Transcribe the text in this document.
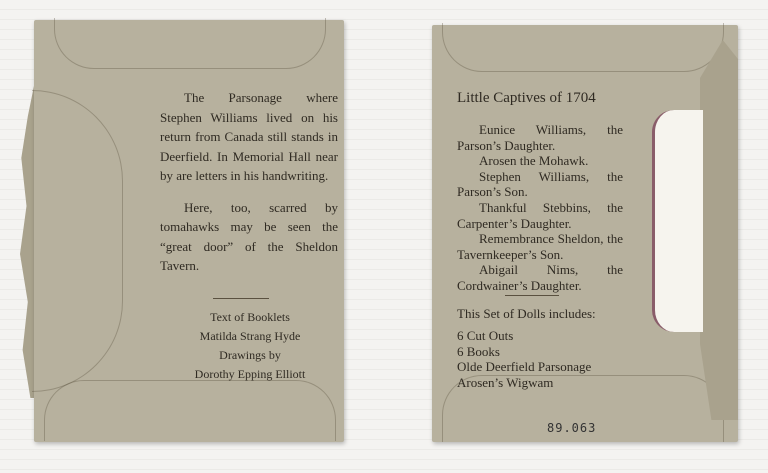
The Parsonage where Stephen Williams lived on his return from Canada still stands in Deerfield. In Memorial Hall near by are letters in his handwriting.

Here, too, scarred by tomahawks may be seen the “great door” of the Sheldon Tavern.

Text of Booklets
Matilda Strang Hyde
Drawings by
Dorothy Epping Elliott
Little Captives of 1704
Eunice Williams, the Parson’s Daughter.
Arosen the Mohawk.
Stephen Williams, the Parson’s Son.
Thankful Stebbins, the Carpenter’s Daughter.
Remembrance Sheldon, the Tavernkeeper’s Son.
Abigail Nims, the Cordwainer’s Daughter.
This Set of Dolls includes:
6 Cut Outs
6 Books
Olde Deerfield Parsonage
Arosen’s Wigwam
89.063
